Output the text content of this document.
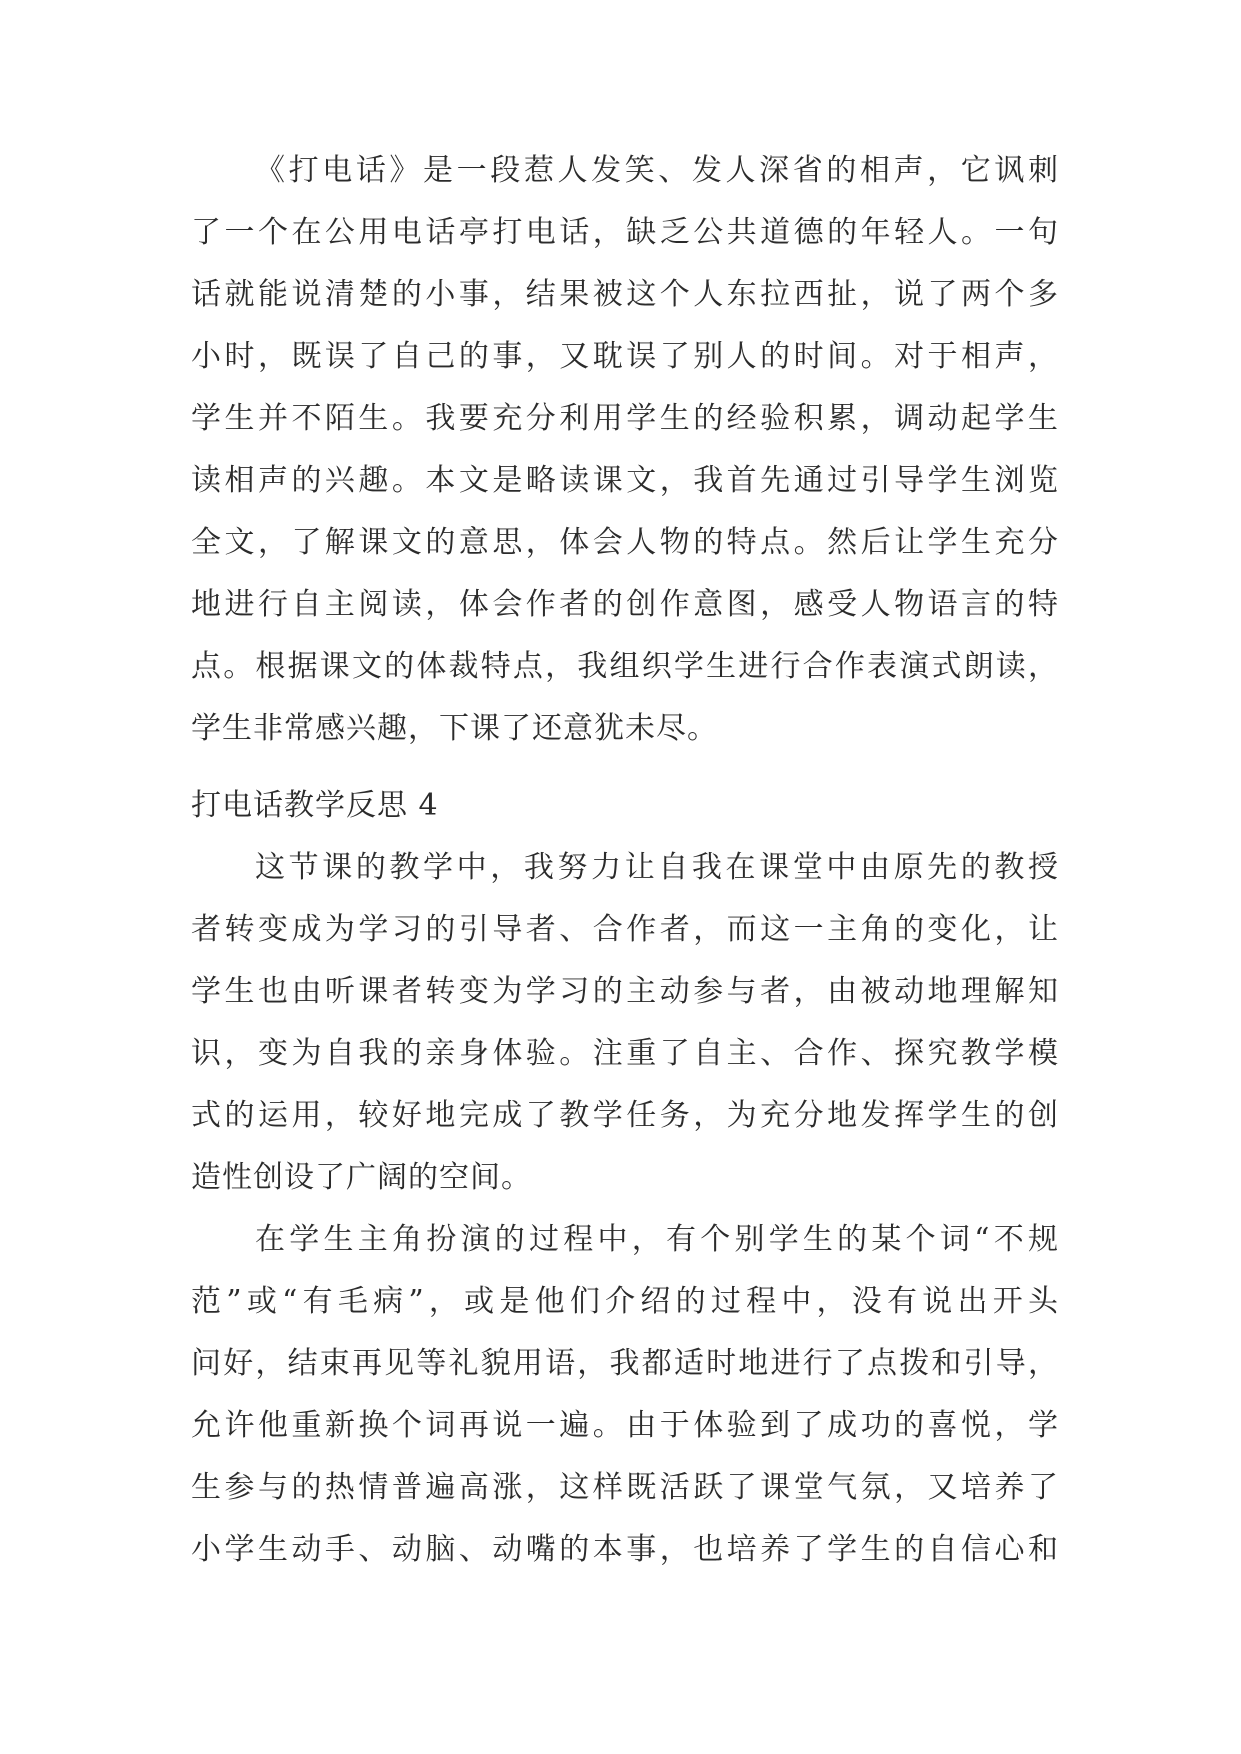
《打电话》是一段惹人发笑、发人深省的相声，它讽刺
了一个在公用电话亭打电话，缺乏公共道德的年轻人。一句
话就能说清楚的小事，结果被这个人东拉西扯，说了两个多
小时，既误了自己的事，又耽误了别人的时间。对于相声，
学生并不陌生。我要充分利用学生的经验积累，调动起学生
读相声的兴趣。本文是略读课文，我首先通过引导学生浏览
全文，了解课文的意思，体会人物的特点。然后让学生充分
地进行自主阅读，体会作者的创作意图，感受人物语言的特
点。根据课文的体裁特点，我组织学生进行合作表演式朗读，
学生非常感兴趣，下课了还意犹未尽。
打电话教学反思 4
这节课的教学中，我努力让自我在课堂中由原先的教授
者转变成为学习的引导者、合作者，而这一主角的变化，让
学生也由听课者转变为学习的主动参与者，由被动地理解知
识，变为自我的亲身体验。注重了自主、合作、探究教学模
式的运用，较好地完成了教学任务，为充分地发挥学生的创
造性创设了广阔的空间。
在学生主角扮演的过程中，有个别学生的某个词“不规
范”或“有毛病”，或是他们介绍的过程中，没有说出开头
问好，结束再见等礼貌用语，我都适时地进行了点拨和引导，
允许他重新换个词再说一遍。由于体验到了成功的喜悦，学
生参与的热情普遍高涨，这样既活跃了课堂气氛，又培养了
小学生动手、动脑、动嘴的本事，也培养了学生的自信心和
